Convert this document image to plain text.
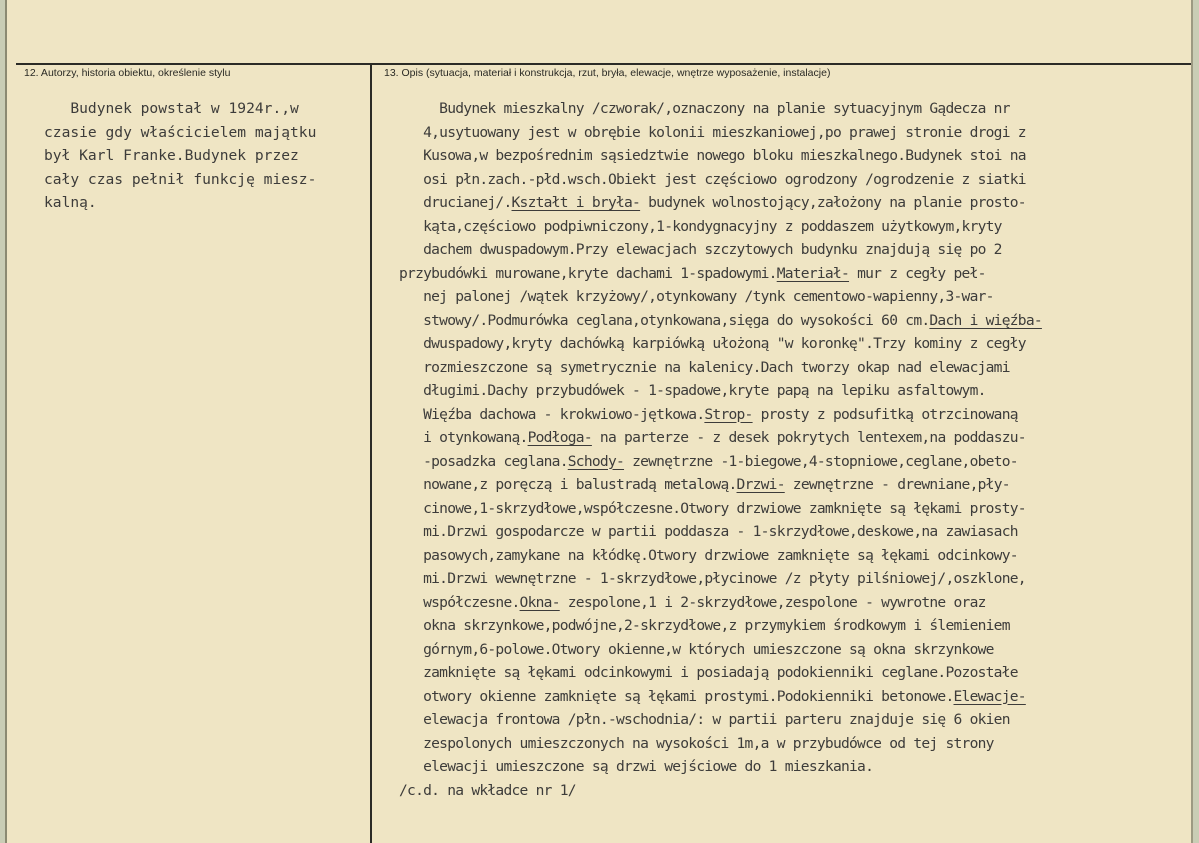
12. Autorzy, historia obiektu, określenie stylu	13. Opis (sytuacja, materiał i konstrukcja, rzut, bryła, elewacje, wnętrze wyposażenie, instalacje)
Budynek powstał w 1924r.,w
czasie gdy właścicielem majątku
był Karl Franke.Budynek przez
cały czas pełnił funkcję miesz-
kalną.
Budynek mieszkalny /czworak/,oznaczony na planie sytuacyjnym Gądecza nr
4,usytuowany jest w obrębie kolonii mieszkaniowej,po prawej stronie drogi z
Kusowa,w bezpośrednim sąsiedztwie nowego bloku mieszkalnego.Budynek stoi na
osi płn.zach.-płd.wsch.Obiekt jest częściowo ogrodzony /ogrodzenie z siatki
drucianej/.Kształt i bryła- budynek wolnostojący,założony na planie prosto-
kąta,częściowo podpiwniczony,1-kondygnacyjny z poddaszem użytkowym,kryty
dachem dwuspadowym.Przy elewacjach szczytowych budynku znajdują się po 2
przybudówki murowane,kryte dachami 1-spadowymi.Materiał- mur z cegły peł-
nej palonej /wątek krzyżowy/,otynkowany /tynk cementowo-wapienny,3-war-
stwowy/.Podmurówka ceglana,otynkowana,sięga do wysokości 60 cm.Dach i więźba-
dwuspadowy,kryty dachówką karpiówką ułożoną "w koronkę".Trzy kominy z cegły
rozmieszczone są symetrycznie na kalenicy.Dach tworzy okap nad elewacjami
długimi.Dachy przybudówek - 1-spadowe,kryte papą na lepiku asfaltowym.
Więźba dachowa - krokwiowo-jętkowa.Strop- prosty z podsufitką otrzcinowaną
i otynkowaną.Podłoga- na parterze - z desek pokrytych lentexem,na poddaszu-
-posadzka ceglana.Schody- zewnętrzne -1-biegowe,4-stopniowe,ceglane,obeto-
nowane,z poręczą i balustradą metalową.Drzwi- zewnętrzne - drewniane,pły-
cinowe,1-skrzydłowe,współczesne.Otwory drzwiowe zamknięte są łękami prosty-
mi.Drzwi gospodarcze w partii poddasza - 1-skrzydłowe,deskowe,na zawiasach
pasowych,zamykane na kłódkę.Otwory drzwiowe zamknięte są łękami odcinkowy-
mi.Drzwi wewnętrzne - 1-skrzydłowe,płycinowe /z płyty pilśniowej/,oszklone,
współczesne.Okna- zespolone,1 i 2-skrzydłowe,zespolone - wywrotne oraz
okna skrzynkowe,podwójne,2-skrzydłowe,z przymykiem środkowym i ślemieniem
górnym,6-polowe.Otwory okienne,w których umieszczone są okna skrzynkowe
zamknięte są łękami odcinkowymi i posiadają podokienniki ceglane.Pozostałe
otwory okienne zamknięte są łękami prostymi.Podokienniki betonowe.Elewacje-
elewacja frontowa /płn.-wschodnia/: w partii parteru znajduje się 6 okien
zespolonych umieszczonych na wysokości 1m,a w przybudówce od tej strony
elewacji umieszczone są drzwi wejściowe do 1 mieszkania.
/c.d. na wkładce nr 1/
